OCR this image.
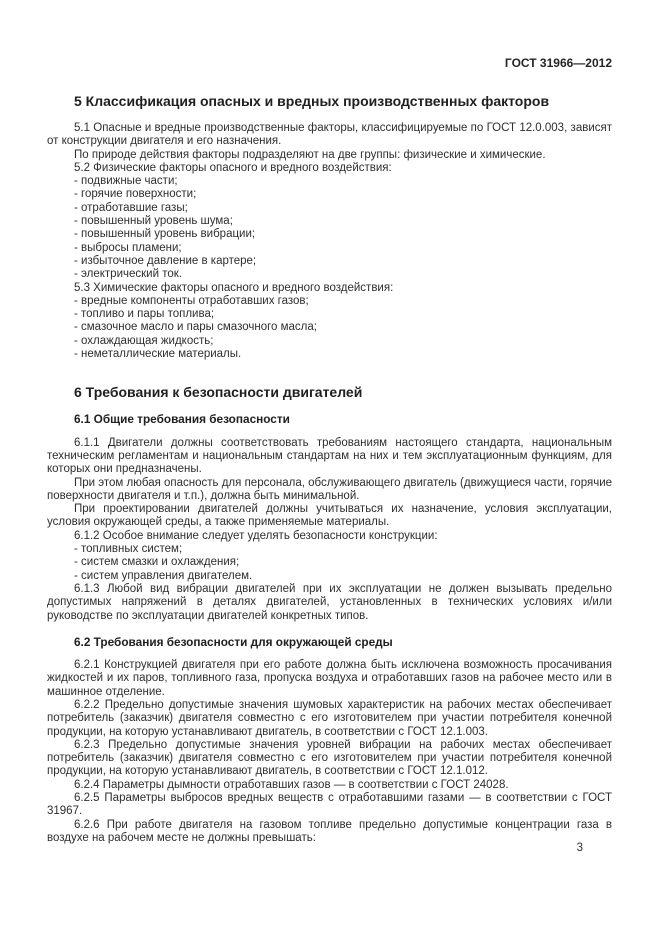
ГОСТ 31966—2012
5 Классификация опасных и вредных производственных факторов
5.1 Опасные и вредные производственные факторы, классифицируемые по ГОСТ 12.0.003, зависят от конструкции двигателя и его назначения.
По природе действия факторы подразделяют на две группы: физические и химические.
5.2 Физические факторы опасного и вредного воздействия:
- подвижные части;
- горячие поверхности;
- отработавшие газы;
- повышенный уровень шума;
- повышенный уровень вибрации;
- выбросы пламени;
- избыточное давление в картере;
- электрический ток.
5.3 Химические факторы опасного и вредного воздействия:
- вредные компоненты отработавших газов;
- топливо и пары топлива;
- смазочное масло и пары смазочного масла;
- охлаждающая жидкость;
- неметаллические материалы.
6 Требования к безопасности двигателей
6.1 Общие требования безопасности
6.1.1 Двигатели должны соответствовать требованиям настоящего стандарта, национальным техническим регламентам и национальным стандартам на них и тем эксплуатационным функциям, для которых они предназначены.
При этом любая опасность для персонала, обслуживающего двигатель (движущиеся части, горячие поверхности двигателя и т.п.), должна быть минимальной.
При проектировании двигателей должны учитываться их назначение, условия эксплуатации, условия окружающей среды, а также применяемые материалы.
6.1.2 Особое внимание следует уделять безопасности конструкции:
- топливных систем;
- систем смазки и охлаждения;
- систем управления двигателем.
6.1.3 Любой вид вибрации двигателей при их эксплуатации не должен вызывать предельно допустимых напряжений в деталях двигателей, установленных в технических условиях и/или руководстве по эксплуатации двигателей конкретных типов.
6.2 Требования безопасности для окружающей среды
6.2.1 Конструкцией двигателя при его работе должна быть исключена возможность просачивания жидкостей и их паров, топливного газа, пропуска воздуха и отработавших газов на рабочее место или в машинное отделение.
6.2.2 Предельно допустимые значения шумовых характеристик на рабочих местах обеспечивает потребитель (заказчик) двигателя совместно с его изготовителем при участии потребителя конечной продукции, на которую устанавливают двигатель, в соответствии с ГОСТ 12.1.003.
6.2.3 Предельно допустимые значения уровней вибрации на рабочих местах обеспечивает потребитель (заказчик) двигателя совместно с его изготовителем при участии потребителя конечной продукции, на которую устанавливают двигатель, в соответствии с ГОСТ 12.1.012.
6.2.4 Параметры дымности отработавших газов — в соответствии с ГОСТ 24028.
6.2.5 Параметры выбросов вредных веществ с отработавшими газами — в соответствии с ГОСТ 31967.
6.2.6 При работе двигателя на газовом топливе предельно допустимые концентрации газа в воздухе на рабочем месте не должны превышать:
3
